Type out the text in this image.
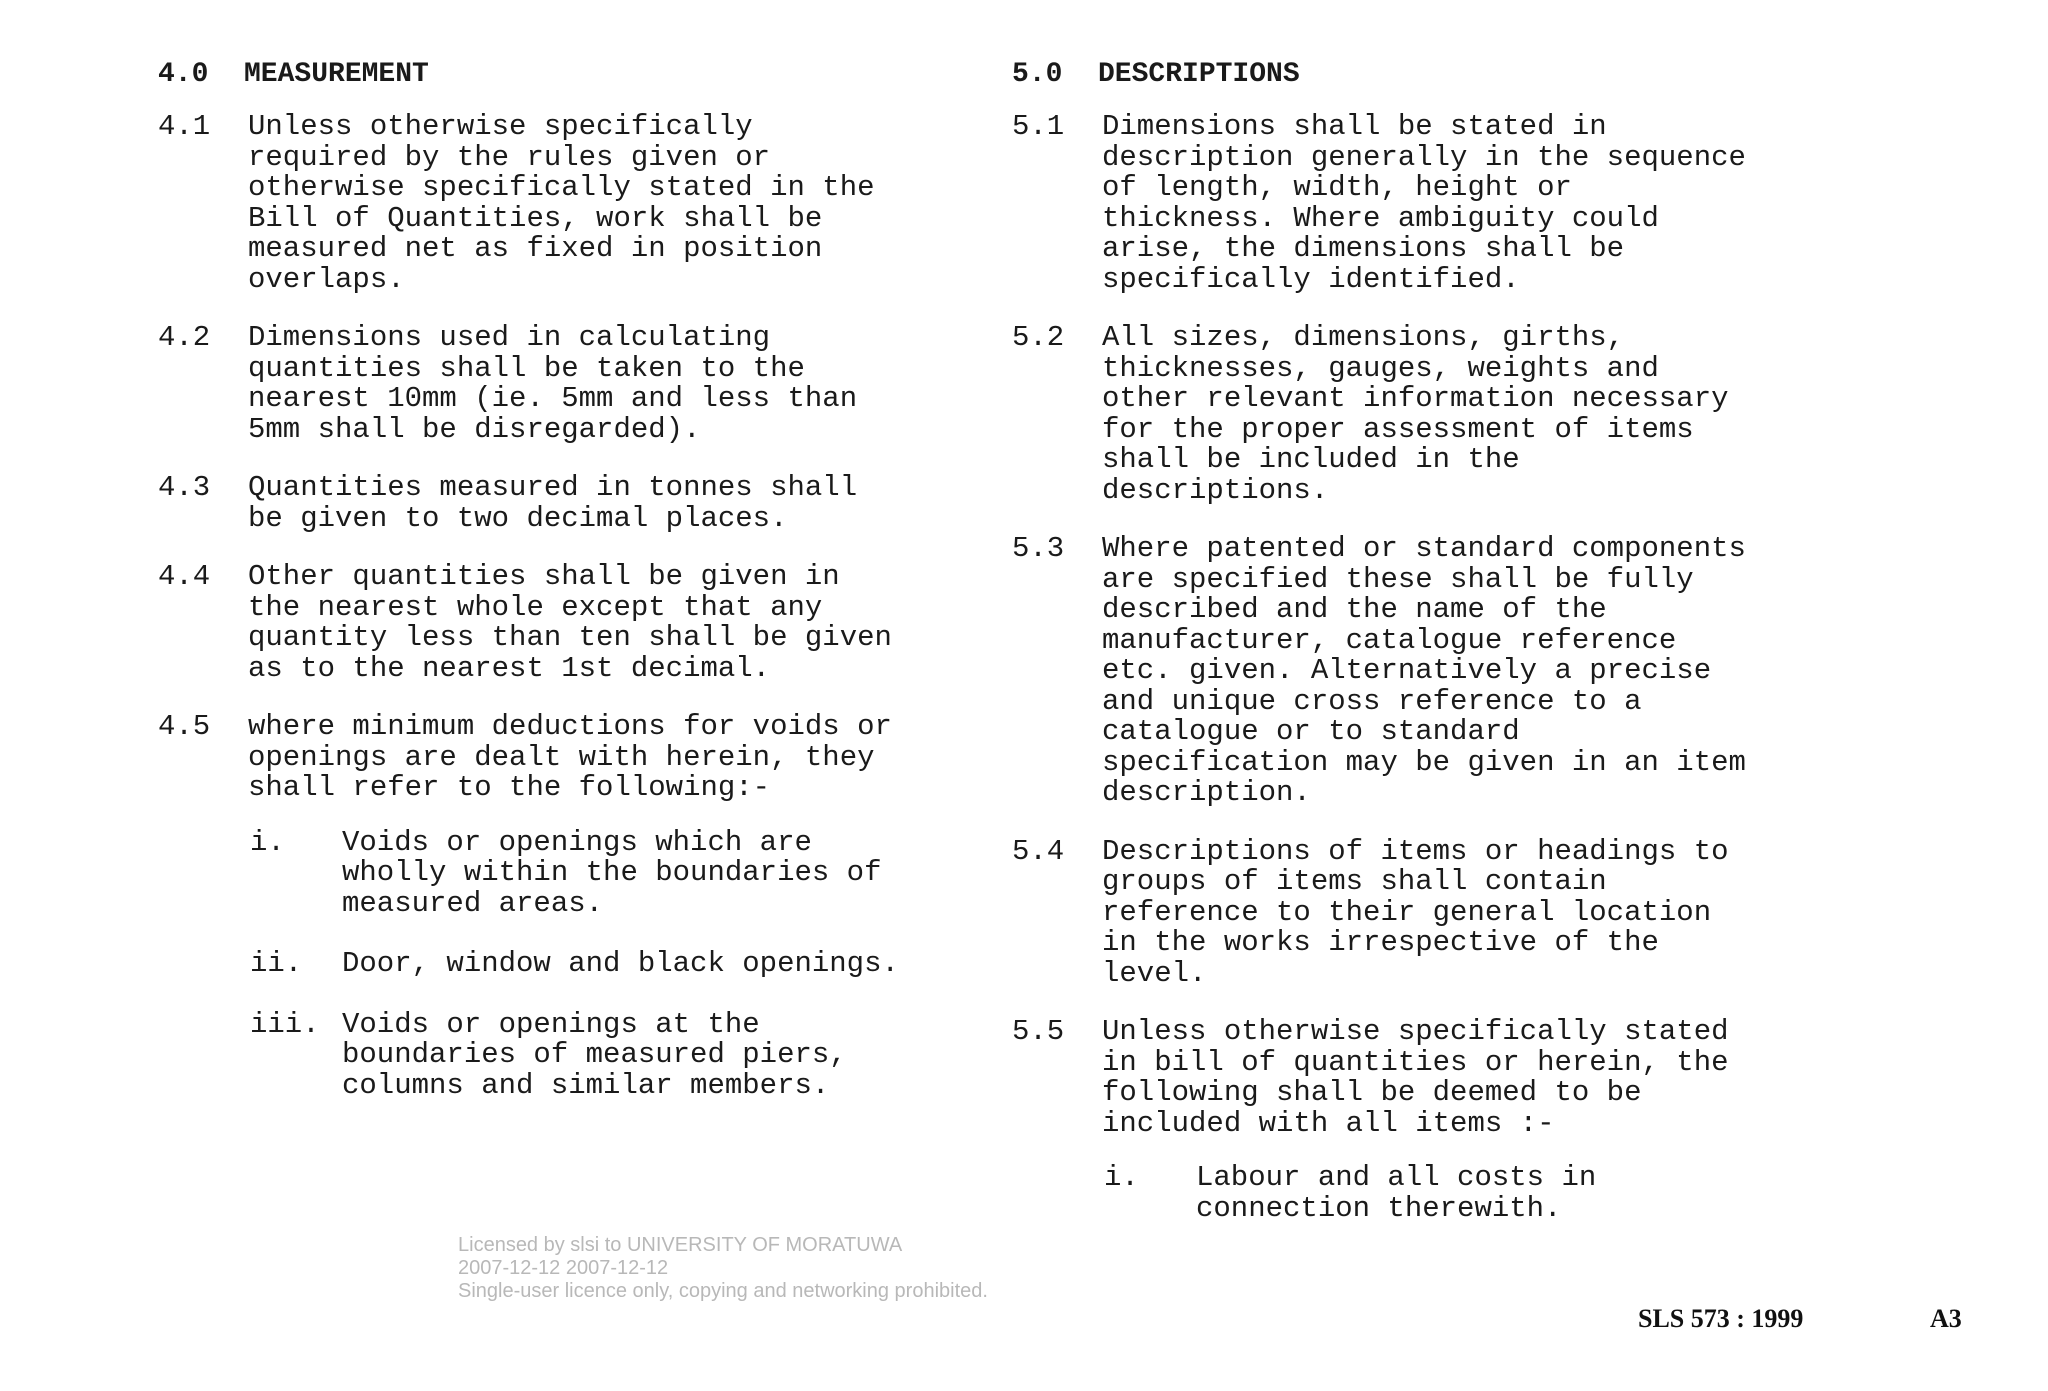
4.0	MEASUREMENT
4.1	Unless otherwise specifically
required by the rules given or
otherwise specifically stated in the
Bill of Quantities, work shall be
measured net as fixed in position
overlaps.
4.2	Dimensions used in calculating
quantities shall be taken to the
nearest 10mm (ie. 5mm and less than
5mm shall be disregarded).
4.3	Quantities measured in tonnes shall
be given to two decimal places.
4.4	Other quantities shall be given in
the nearest whole except that any
quantity less than ten shall be given
as to the nearest 1st decimal.
4.5	where minimum deductions for voids or
openings are dealt with herein, they
shall refer to the following:-
i.	Voids or openings which are
wholly within the boundaries of
measured areas.
ii.	Door, window and black openings.
iii. Voids or openings at the
boundaries of measured piers,
columns and similar members.
5.0	DESCRIPTIONS
5.1	Dimensions shall be stated in
description generally in the sequence
of length, width, height or
thickness. Where ambiguity could
arise, the dimensions shall be
specifically identified.
5.2	All sizes, dimensions, girths,
thicknesses, gauges, weights and
other relevant information necessary
for the proper assessment of items
shall be included in the
descriptions.
5.3	Where patented or standard components
are specified these shall be fully
described and the name of the
manufacturer, catalogue reference
etc. given. Alternatively a precise
and unique cross reference to a
catalogue or to standard
specification may be given in an item
description.
5.4	Descriptions of items or headings to
groups of items shall contain
reference to their general location
in the works irrespective of the
level.
5.5	Unless otherwise specifically stated
in bill of quantities or herein, the
following shall be deemed to be
included with all items :-
i.	Labour and all costs in
connection therewith.
Licensed by slsi to UNIVERSITY OF MORATUWA
2007-12-12 2007-12-12
Single-user licence only, copying and networking prohibited.
SLS 573 : 1999	A3
